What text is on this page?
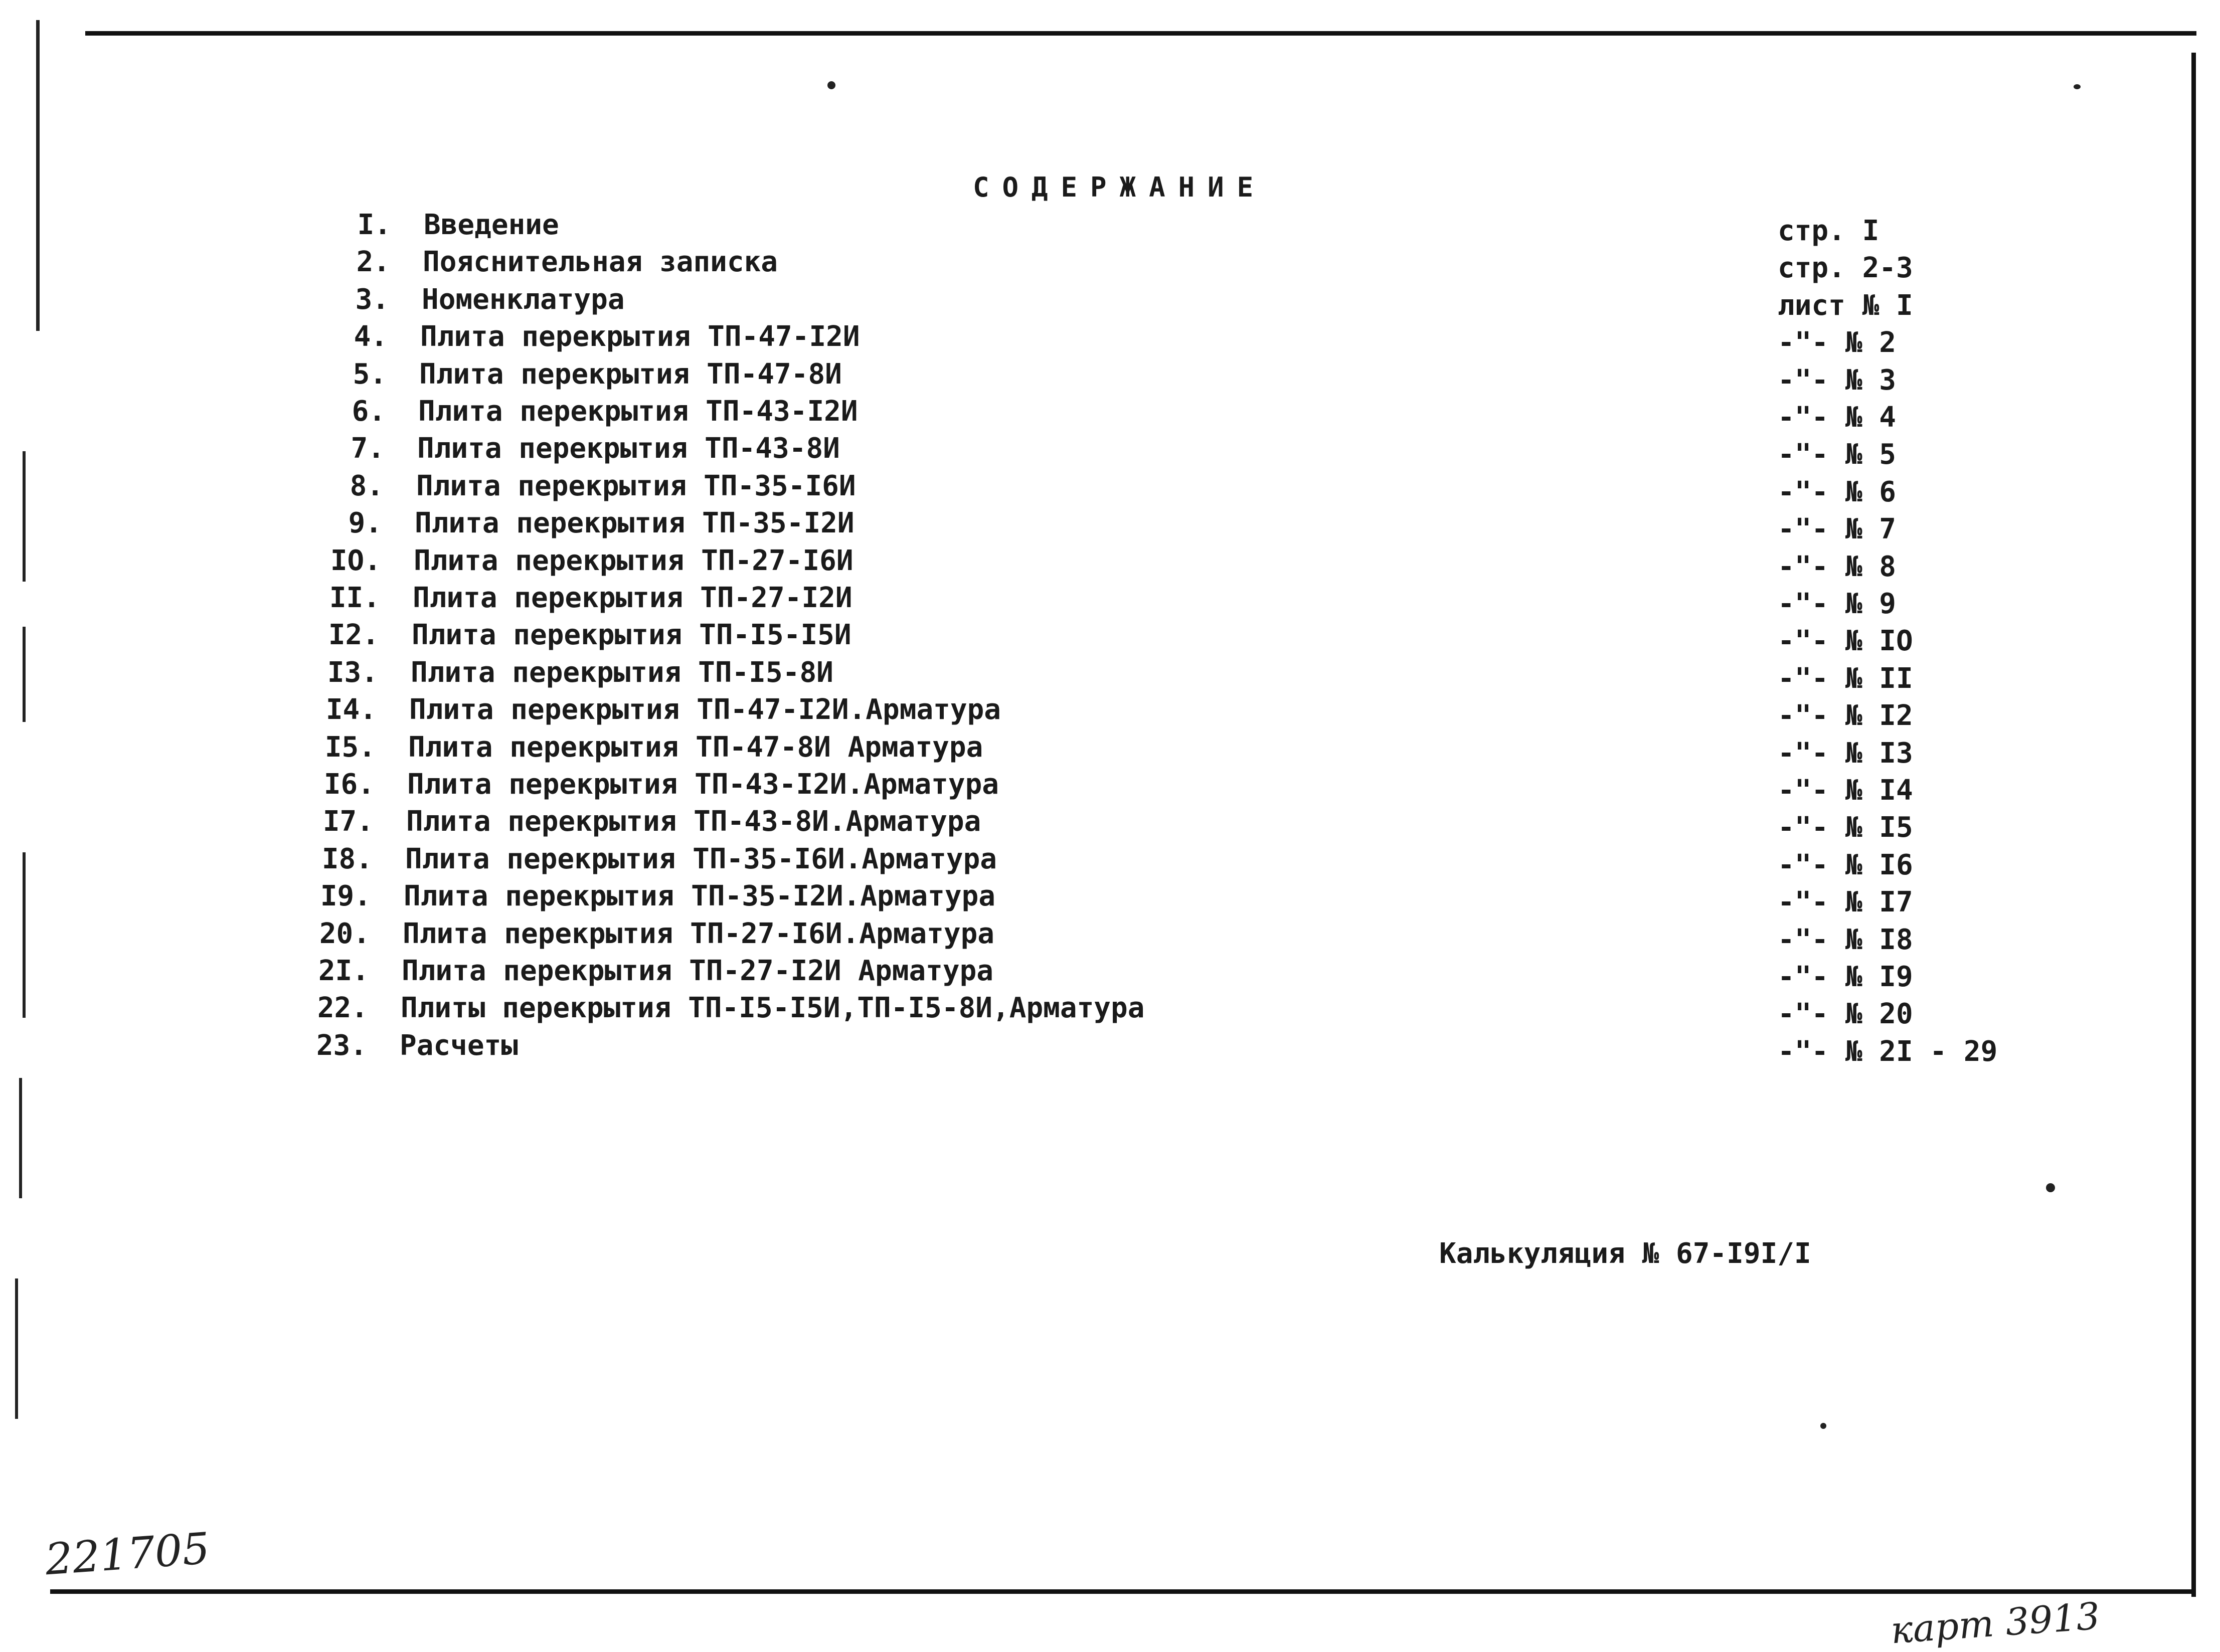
СОДЕРЖАНИЕ
I. Введение	стр. I
2. Пояснительная записка	стр. 2-3
3. Номенклатура	лист № I
4. Плита перекрытия ТП-47-I2И	-"- № 2
5. Плита перекрытия ТП-47-8И	-"- № 3
6. Плита перекрытия ТП-43-I2И	-"- № 4
7. Плита перекрытия ТП-43-8И	-"- № 5
8. Плита перекрытия ТП-35-I6И	-"- № 6
9. Плита перекрытия ТП-35-I2И	-"- № 7
IO. Плита перекрытия ТП-27-I6И	-"- № 8
II. Плита перекрытия ТП-27-I2И	-"- № 9
I2. Плита перекрытия ТП-I5-I5И	-"- № IO
I3. Плита перекрытия ТП-I5-8И	-"- № II
I4. Плита перекрытия ТП-47-I2И.Арматура	-"- № I2
I5. Плита перекрытия ТП-47-8И Арматура	-"- № I3
I6. Плита перекрытия ТП-43-I2И.Арматура	-"- № I4
I7. Плита перекрытия ТП-43-8И.Арматура	-"- № I5
I8. Плита перекрытия ТП-35-I6И.Арматура	-"- № I6
I9. Плита перекрытия ТП-35-I2И.Арматура	-"- № I7
20. Плита перекрытия ТП-27-I6И.Арматура	-"- № I8
2I. Плита перекрытия ТП-27-I2И Арматура	-"- № I9
22. Плиты перекрытия ТП-I5-I5И,ТП-I5-8И,Арматура	-"- № 20
23. Расчеты	-"- № 2I - 29
Калькуляция № 67-I9I/I
221705
карт 3913
